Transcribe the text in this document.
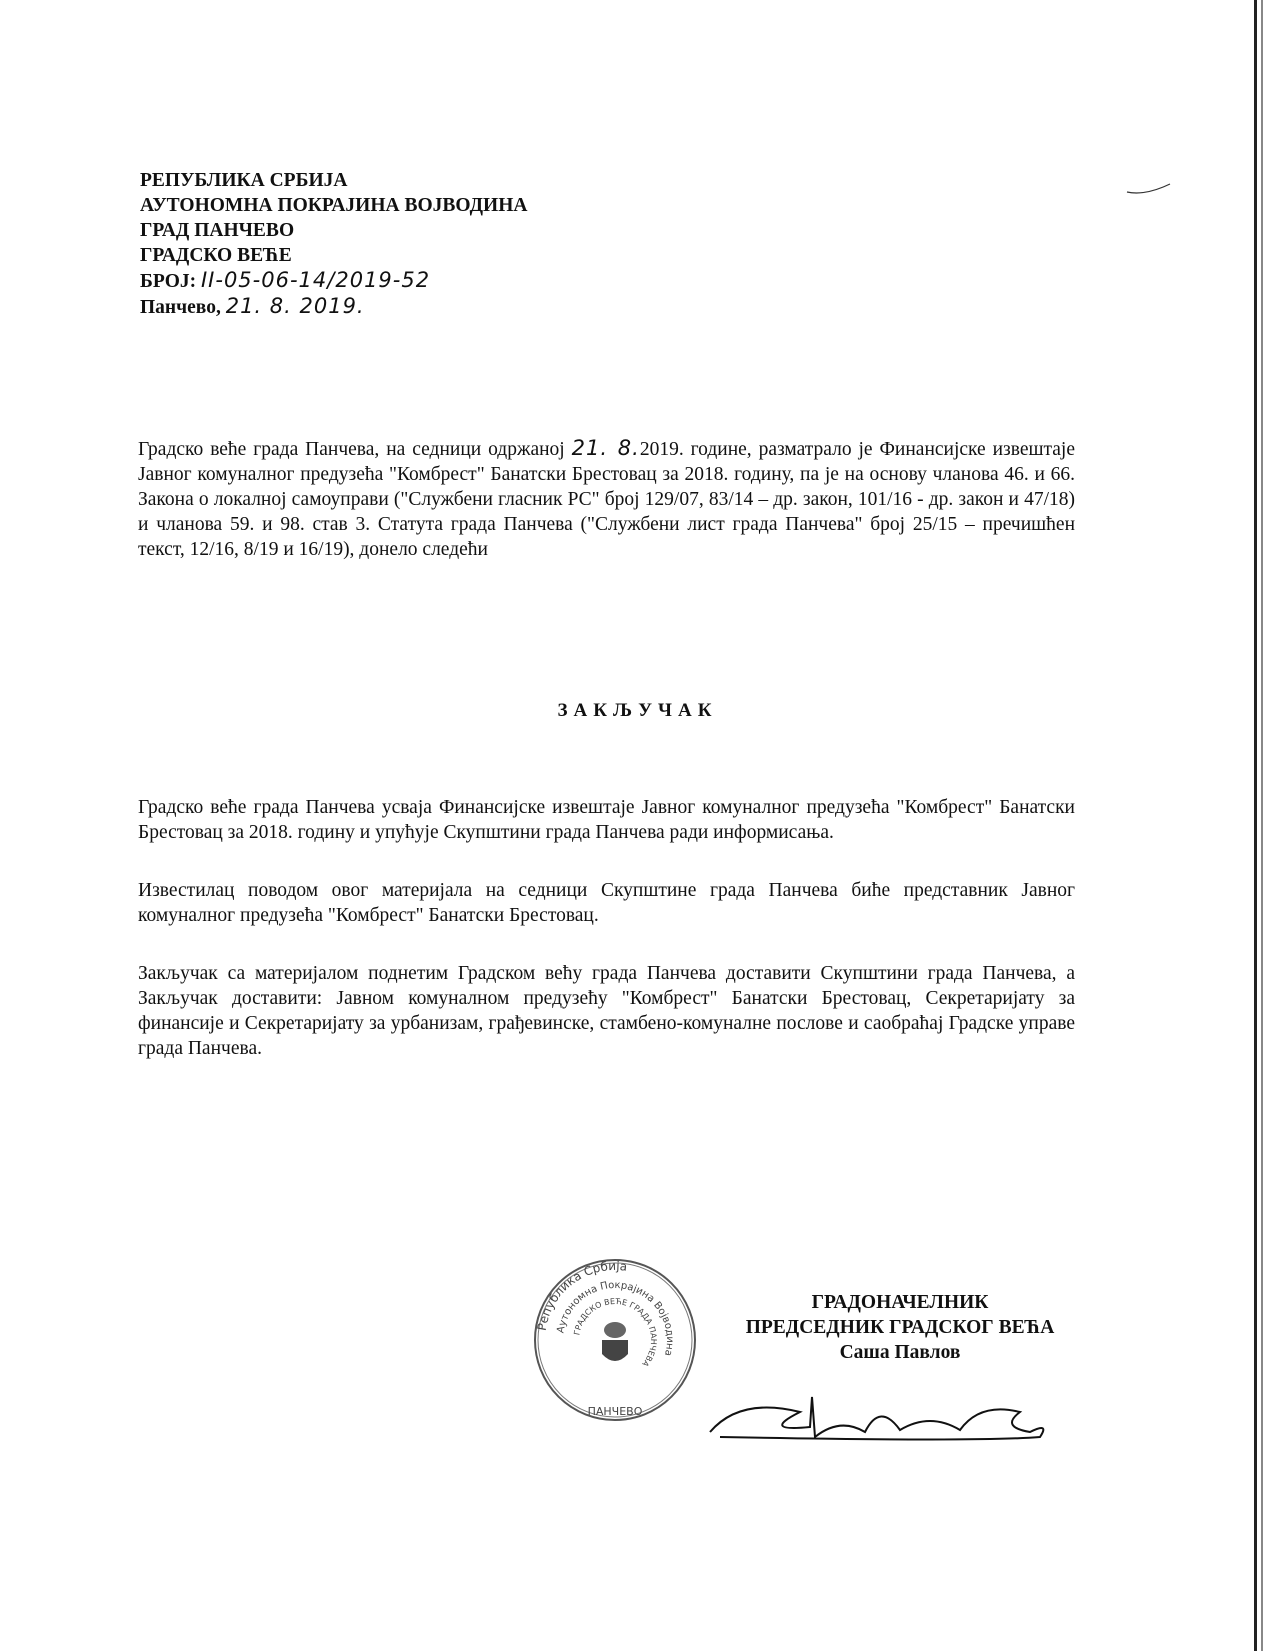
РЕПУБЛИКА СРБИЈА
АУТОНОМНА ПОКРАЈИНА ВОЈВОДИНА
ГРАД ПАНЧЕВО
ГРАДСКО ВЕЋЕ
БРОЈ: II-05-06-14/2019-52
Панчево, 21. 8. 2019.
Градско веће града Панчева, на седници одржаној 21. 8.2019. године, разматрало је Финансијске извештаје Јавног комуналног предузећа "Комбрест" Банатски Брестовац за 2018. годину, па је на основу чланова 46. и 66. Закона о локалној самоуправи ("Службени гласник РС" број 129/07, 83/14 – др. закон, 101/16 - др. закон и 47/18) и чланова 59. и 98. став 3. Статута града Панчева ("Службени лист града Панчева" број 25/15 – пречишћен текст, 12/16, 8/19 и 16/19), донело следећи
ЗАКЉУЧАК

Градско веће града Панчева усваја Финансијске извештаје Јавног комуналног предузећа "Комбрест" Банатски Брестовац за 2018. годину и упућује Скупштини града Панчева ради информисања.

Известилац поводом овог материјала на седници Скупштине града Панчева биће представник Јавног комуналног предузећа "Комбрест" Банатски Брестовац.

Закључак са материјалом поднетим Градском већу града Панчева доставити Скупштини града Панчева, а Закључак доставити: Јавном комуналном предузећу "Комбрест" Банатски Брестовац, Секретаријату за финансије и Секретаријату за урбанизам, грађевинске, стамбено-комуналне послове и саобраћај Градске управе града Панчева.

Република Србија
Аутономна Покрајина Војводина
ГРАДСКО ВЕЋЕ ГРАДА ПАНЧЕВА
ПАНЧЕВО
ГРАДОНАЧЕЛНИК
ПРЕДСЕДНИК ГРАДСКОГ ВЕЋА
Саша Павлов
